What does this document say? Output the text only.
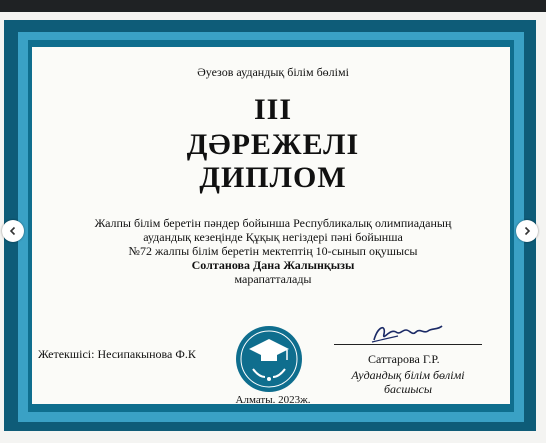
Әуезов аудандық білім бөлімі
III
ДӘРЕЖЕЛІ
ДИПЛОМ
Жалпы білім беретін пәндер бойынша Республикалық олимпиаданың
аудандық кезеңінде Құқық негіздері пәні бойынша
№72 жалпы білім беретін мектептің 10-сынып оқушысы
Солтанова Дана Жалынқызы
марапатталады
Жетекшісі: Несипакынова Ф.К
Алматы. 2023ж.
Саттарова Г.Р.
Аудандық білім бөлімі
басшысы
